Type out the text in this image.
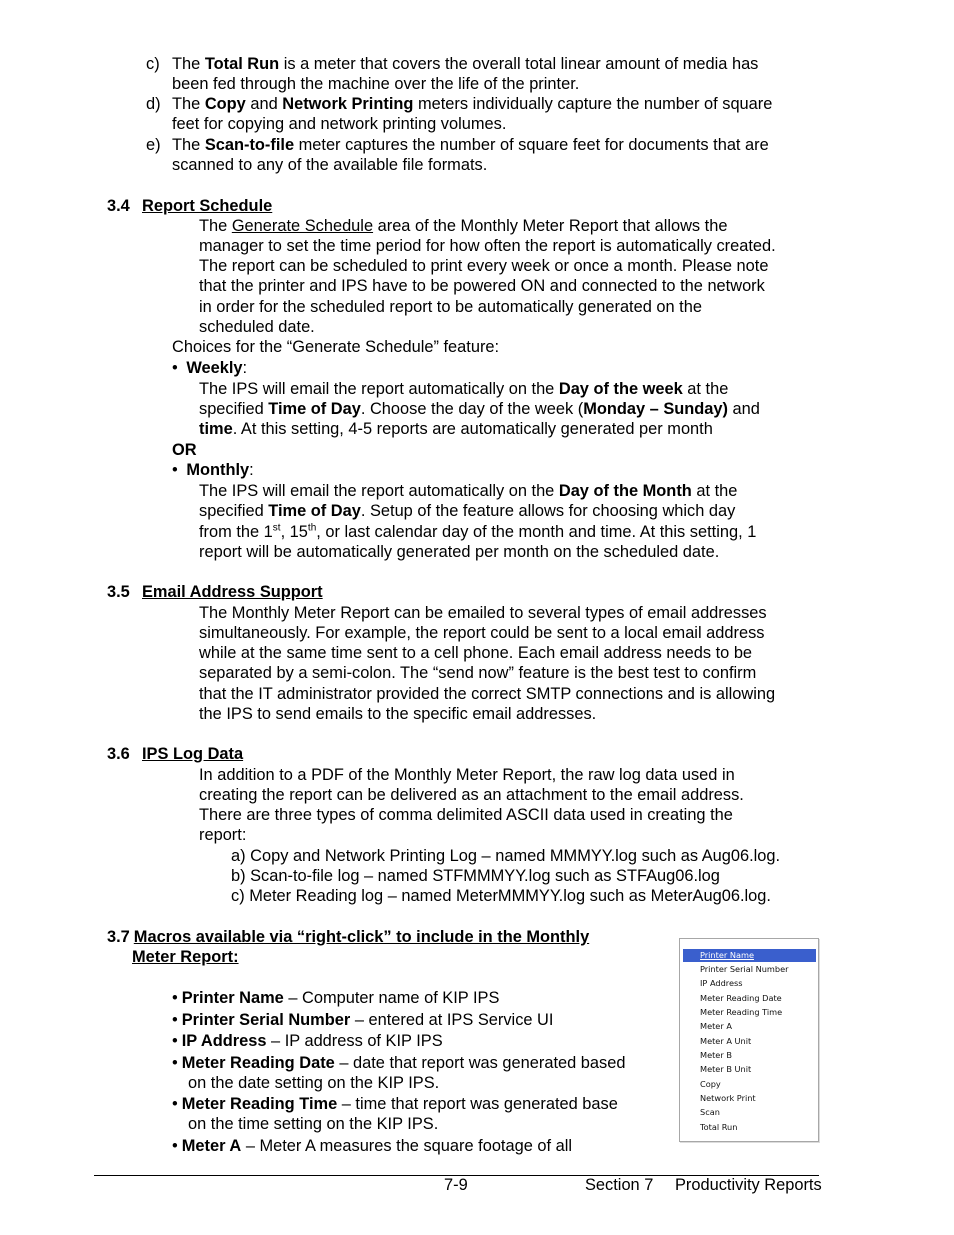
c) The Total Run is a meter that covers the overall total linear amount of media has
been fed through the machine over the life of the printer.
d) The Copy and Network Printing meters individually capture the number of square
feet for copying and network printing volumes.
e) The Scan-to-file meter captures the number of square feet for documents that are
scanned to any of the available file formats.
3.4 Report Schedule
The Generate Schedule area of the Monthly Meter Report that allows the
manager to set the time period for how often the report is automatically created.
The report can be scheduled to print every week or once a month. Please note
that the printer and IPS have to be powered ON and connected to the network
in order for the scheduled report to be automatically generated on the
scheduled date.
Choices for the “Generate Schedule” feature:
• Weekly:
The IPS will email the report automatically on the Day of the week at the
specified Time of Day. Choose the day of the week (Monday – Sunday) and
time. At this setting, 4-5 reports are automatically generated per month
OR
• Monthly:
The IPS will email the report automatically on the Day of the Month at the
specified Time of Day. Setup of the feature allows for choosing which day
from the 1st, 15th, or last calendar day of the month and time. At this setting, 1
report will be automatically generated per month on the scheduled date.
3.5 Email Address Support
The Monthly Meter Report can be emailed to several types of email addresses
simultaneously. For example, the report could be sent to a local email address
while at the same time sent to a cell phone. Each email address needs to be
separated by a semi-colon. The “send now” feature is the best test to confirm
that the IT administrator provided the correct SMTP connections and is allowing
the IPS to send emails to the specific email addresses.
3.6 IPS Log Data
In addition to a PDF of the Monthly Meter Report, the raw log data used in
creating the report can be delivered as an attachment to the email address.
There are three types of comma delimited ASCII data used in creating the
report:
a) Copy and Network Printing Log – named MMMYY.log such as Aug06.log.
b) Scan-to-file log – named STFMMMYY.log such as STFAug06.log
c) Meter Reading log – named MeterMMMYY.log such as MeterAug06.log.
3.7 Macros available via “right-click” to include in the Monthly
Meter Report:
• Printer Name – Computer name of KIP IPS
• Printer Serial Number – entered at IPS Service UI
• IP Address – IP address of KIP IPS
• Meter Reading Date – date that report was generated based
on the date setting on the KIP IPS.
• Meter Reading Time – time that report was generated base
on the time setting on the KIP IPS.
• Meter A – Meter A measures the square footage of all
Printer Name
Printer Serial Number
IP Address
Meter Reading Date
Meter Reading Time
Meter A
Meter A Unit
Meter B
Meter B Unit
Copy
Network Print
Scan
Total Run
7-9	Section 7 Productivity Reports
